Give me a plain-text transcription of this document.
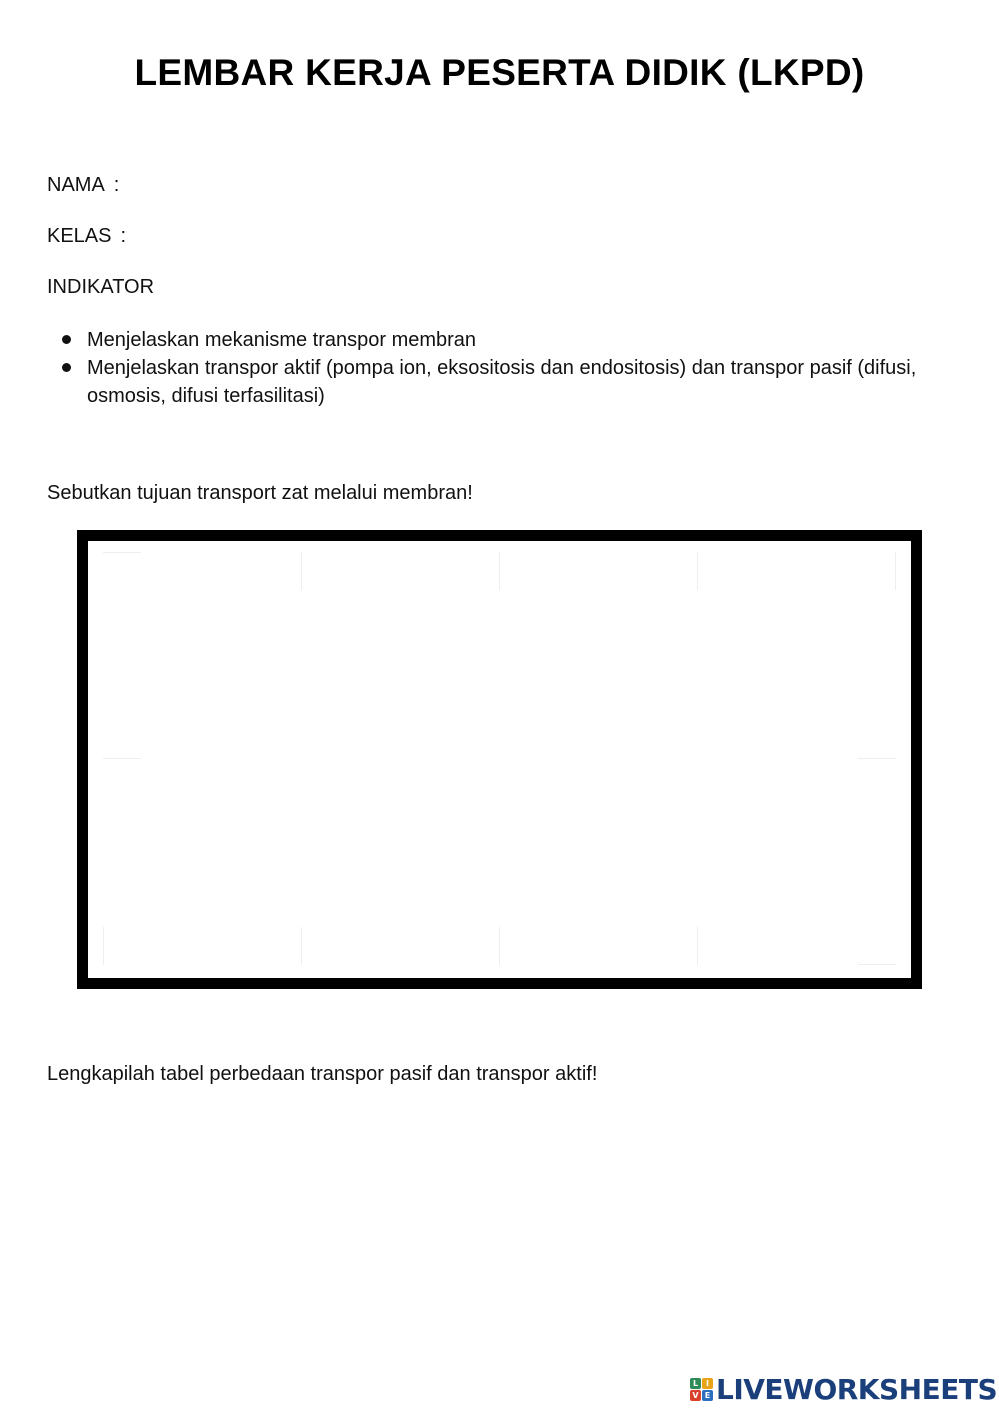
LEMBAR KERJA PESERTA DIDIK (LKPD)
NAMA :
KELAS :
INDIKATOR
Menjelaskan mekanisme transpor membran
Menjelaskan transpor aktif (pompa ion, eksositosis dan endositosis) dan transpor pasif (difusi, osmosis, difusi terfasilitasi)
Sebutkan tujuan transport zat melalui membran!
Lengkapilah tabel perbedaan transpor pasif dan transpor aktif!
L I
V E LIVEWORKSHEETS
